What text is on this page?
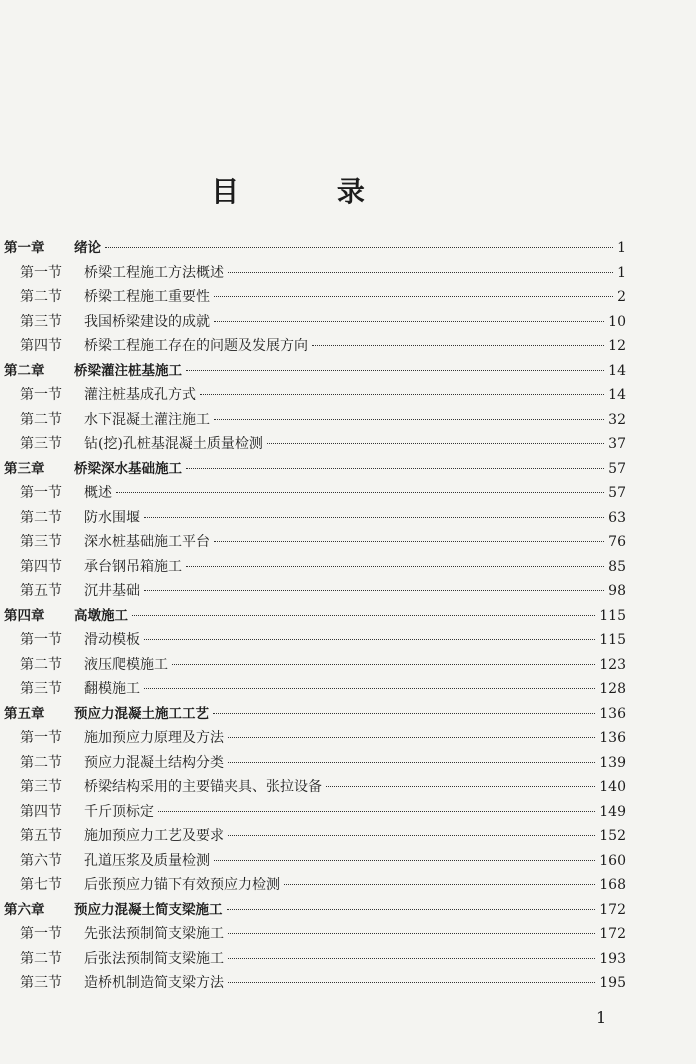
目 录
第一章	绪论	1
第一节	桥梁工程施工方法概述	1
第二节	桥梁工程施工重要性	2
第三节	我国桥梁建设的成就	10
第四节	桥梁工程施工存在的问题及发展方向	12
第二章	桥梁灌注桩基施工	14
第一节	灌注桩基成孔方式	14
第二节	水下混凝土灌注施工	32
第三节	钻(挖)孔桩基混凝土质量检测	37
第三章	桥梁深水基础施工	57
第一节	概述	57
第二节	防水围堰	63
第三节	深水桩基础施工平台	76
第四节	承台钢吊箱施工	85
第五节	沉井基础	98
第四章	高墩施工	115
第一节	滑动模板	115
第二节	液压爬模施工	123
第三节	翻模施工	128
第五章	预应力混凝土施工工艺	136
第一节	施加预应力原理及方法	136
第二节	预应力混凝土结构分类	139
第三节	桥梁结构采用的主要锚夹具、张拉设备	140
第四节	千斤顶标定	149
第五节	施加预应力工艺及要求	152
第六节	孔道压浆及质量检测	160
第七节	后张预应力锚下有效预应力检测	168
第六章	预应力混凝土简支梁施工	172
第一节	先张法预制简支梁施工	172
第二节	后张法预制简支梁施工	193
第三节	造桥机制造简支梁方法	195
1
